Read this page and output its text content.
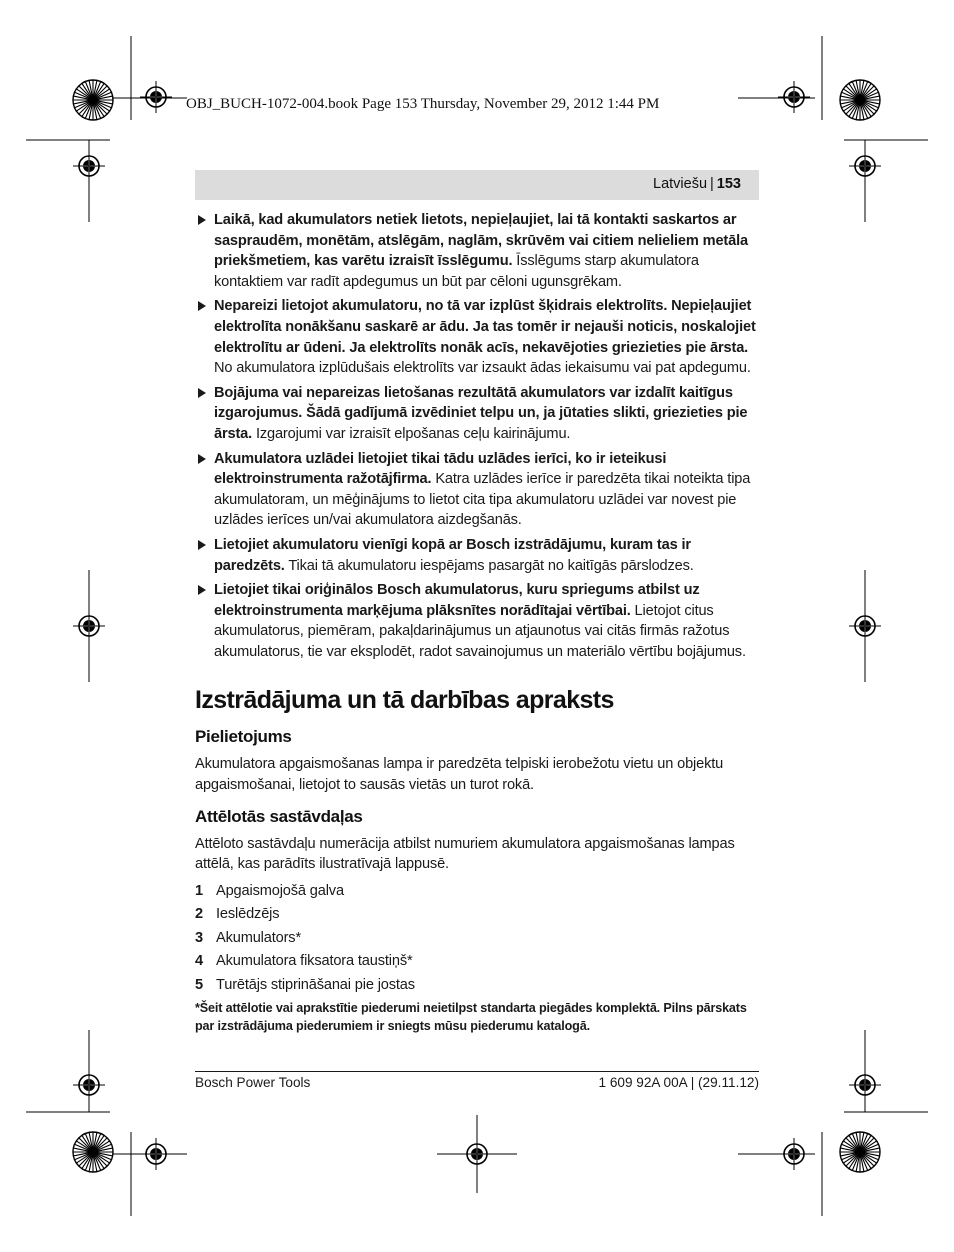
OBJ_BUCH-1072-004.book Page 153 Thursday, November 29, 2012 1:44 PM
Latviešu | 153
Laikā, kad akumulators netiek lietots, nepieļaujiet, lai tā kontakti saskartos ar saspraudēm, monētām, atslēgām, naglām, skrūvēm vai citiem nelieliem metāla priekšmetiem, kas varētu izraisīt īsslēgumu. Īsslēgums starp akumulatora kontaktiem var radīt apdegumus un būt par cēloni ugunsgrēkam.
Nepareizi lietojot akumulatoru, no tā var izplūst šķidrais elektrolīts. Nepieļaujiet elektrolīta nonākšanu saskarē ar ādu. Ja tas tomēr ir nejauši noticis, noskalojiet elektrolītu ar ūdeni. Ja elektrolīts nonāk acīs, nekavējoties griezieties pie ārsta. No akumulatora izplūdušais elektrolīts var izsaukt ādas iekaisumu vai pat apdegumu.
Bojājuma vai nepareizas lietošanas rezultātā akumulators var izdalīt kaitīgus izgarojumus. Šādā gadījumā izvēdiniet telpu un, ja jūtaties slikti, griezieties pie ārsta. Izgarojumi var izraisīt elpošanas ceļu kairinājumu.
Akumulatora uzlādei lietojiet tikai tādu uzlādes ierīci, ko ir ieteikusi elektroinstrumenta ražotājfirma. Katra uzlādes ierīce ir paredzēta tikai noteikta tipa akumulatoram, un mēģinājums to lietot cita tipa akumulatoru uzlādei var novest pie uzlādes ierīces un/vai akumulatora aizdegšanās.
Lietojiet akumulatoru vienīgi kopā ar Bosch izstrādājumu, kuram tas ir paredzēts. Tikai tā akumulatoru iespējams pasargāt no kaitīgās pārslodzes.
Lietojiet tikai oriģinālos Bosch akumulatorus, kuru spriegums atbilst uz elektroinstrumenta marķējuma plāksnītes norādītajai vērtībai. Lietojot citus akumulatorus, piemēram, pakaļdarinājumus un atjaunotus vai citās firmās ražotus akumulatorus, tie var eksplodēt, radot savainojumus un materiālo vērtību bojājumus.
Izstrādājuma un tā darbības apraksts
Pielietojums

Akumulatora apgaismošanas lampa ir paredzēta telpiski ierobežotu vietu un objektu apgaismošanai, lietojot to sausās vietās un turot rokā.

Attēlotās sastāvdaļas

Attēloto sastāvdaļu numerācija atbilst numuriem akumulatora apgaismošanas lampas attēlā, kas parādīts ilustratīvajā lappusē.

1 Apgaismojošā galva
2 Ieslēdzējs
3 Akumulators*
4 Akumulatora fiksatora taustiņš*
5 Turētājs stiprināšanai pie jostas

*Šeit attēlotie vai aprakstītie piederumi neietilpst standarta piegādes komplektā. Pilns pārskats par izstrādājuma piederumiem ir sniegts mūsu piederumu katalogā.

Bosch Power Tools	1 609 92A 00A | (29.11.12)
